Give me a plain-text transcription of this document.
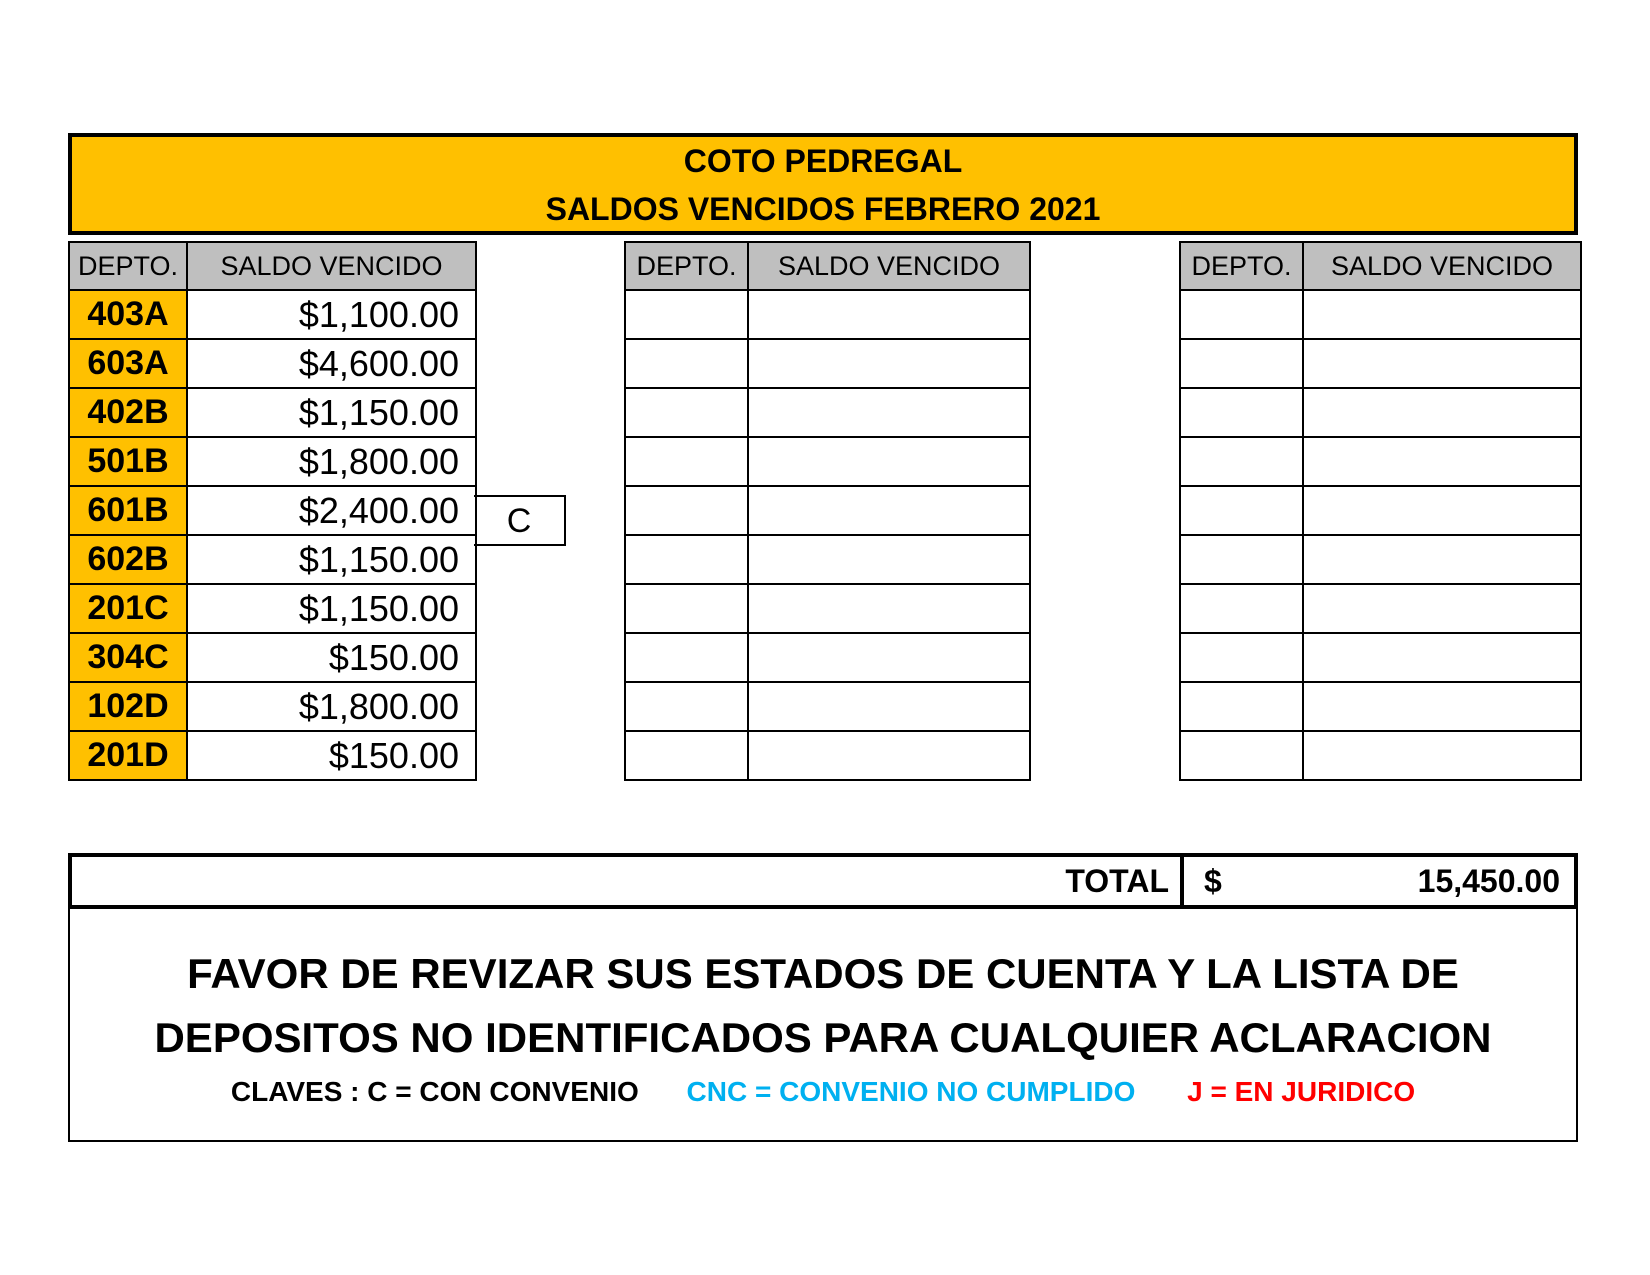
COTO PEDREGAL
SALDOS VENCIDOS FEBRERO 2021
DEPTO.	SALDO VENCIDO
403A	$1,100.00
603A	$4,600.00
402B	$1,150.00
501B	$1,800.00
601B	$2,400.00
602B	$1,150.00
201C	$1,150.00
304C	$150.00
102D	$1,800.00
201D	$150.00
C
DEPTO.	SALDO VENCIDO

		DEPTO.	SALDO VENCIDO

TOTAL $	15,450.00
FAVOR DE REVIZAR SUS ESTADOS DE CUENTA Y LA LISTA DE
DEPOSITOS NO IDENTIFICADOS PARA CUALQUIER ACLARACION
CLAVES : C = CON CONVENIO CNC = CONVENIO NO CUMPLIDO J = EN JURIDICO
